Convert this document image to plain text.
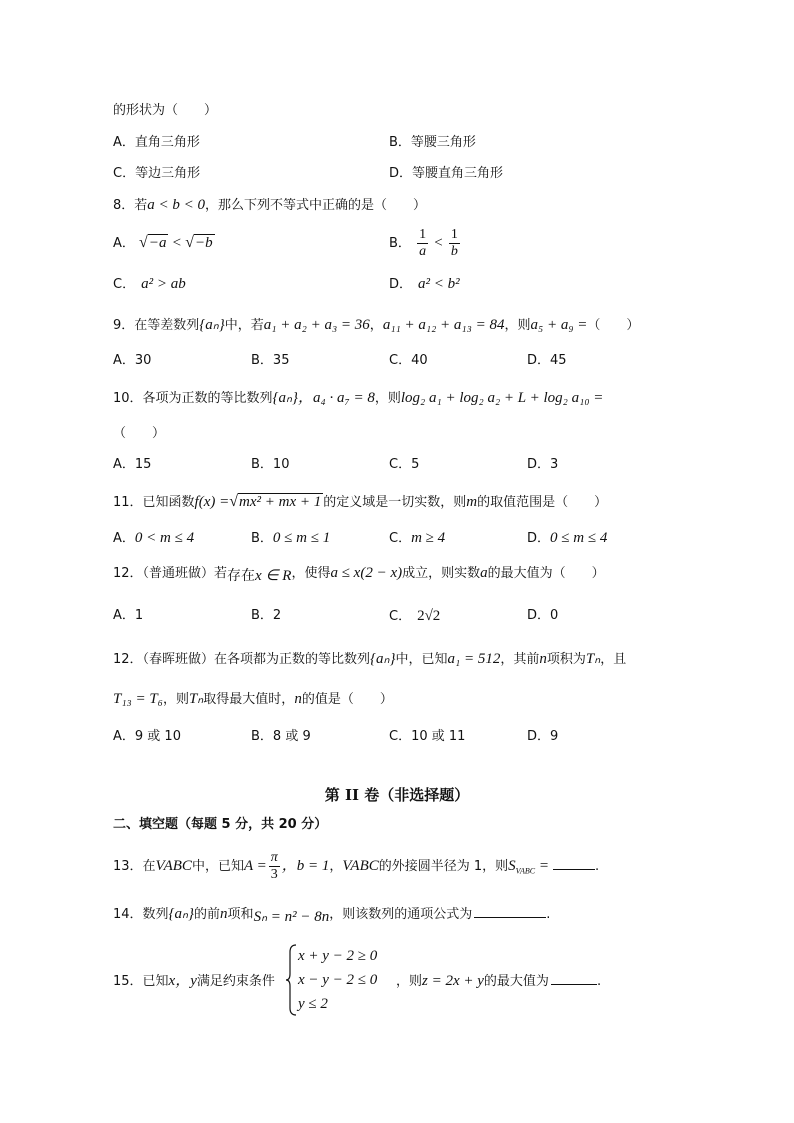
的形状为（　　）
A．直角三角形	B．等腰三角形
C．等边三角形	D．等腰直角三角形
8．若a < b < 0，那么下列不等式中正确的是（　　）
A． √−a < √−b	B． $\frac{1}{a} < \frac{1}{b}$
C． a² > ab	D． a² < b²
9．在等差数列{aₙ}中，若a₁ + a₂ + a₃ = 36，a₁₁ + a₁₂ + a₁₃ = 84，则a₅ + a₉ =（　　）
A．30	B．35	C．40	D．45
10．各项为正数的等比数列{aₙ}，a₄ · a₇ = 8，则log₂ a₁ + log₂ a₂ + L + log₂ a₁₀ =
（　　）
A．15	B．10	C．5	D．3
11．已知函数f(x) =√mx² + mx + 1 的定义域是一切实数，则m的取值范围是（　　）
A．0 < m ≤ 4	B．0 ≤ m ≤ 1	C．m ≥ 4	D．0 ≤ m ≤ 4
12．（普通班做）若存在x ∈ R，使得a ≤ x(2 − x)成立，则实数a的最大值为（　　）
A．1	B．2	C． 2√2	D．0
12．（春晖班做）在各项都为正数的等比数列{aₙ}中，已知a₁ = 512，其前n项积为Tₙ，且
T₁₃ = T₆，则Tₙ取得最大值时，n的值是（　　）
A．9 或 10	B．8 或 9	C．10 或 11	D．9
第 II 卷（非选择题）
二、填空题（每题 5 分，共 20 分）
13．在VABC中，已知$A = \frac{\pi}{3}$ ，b = 1，VABC的外接圆半径为 1，则$S_{VABC}$ =	.
14．数列{aₙ}的前n项和Sₙ = n² − 8n，则该数列的通项公式为	.
15．已知x，y满足约束条件
x + y − 2 ≥ 0
x − y − 2 ≤ 0
y ≤ 2
，则z = 2x + y的最大值为	.
